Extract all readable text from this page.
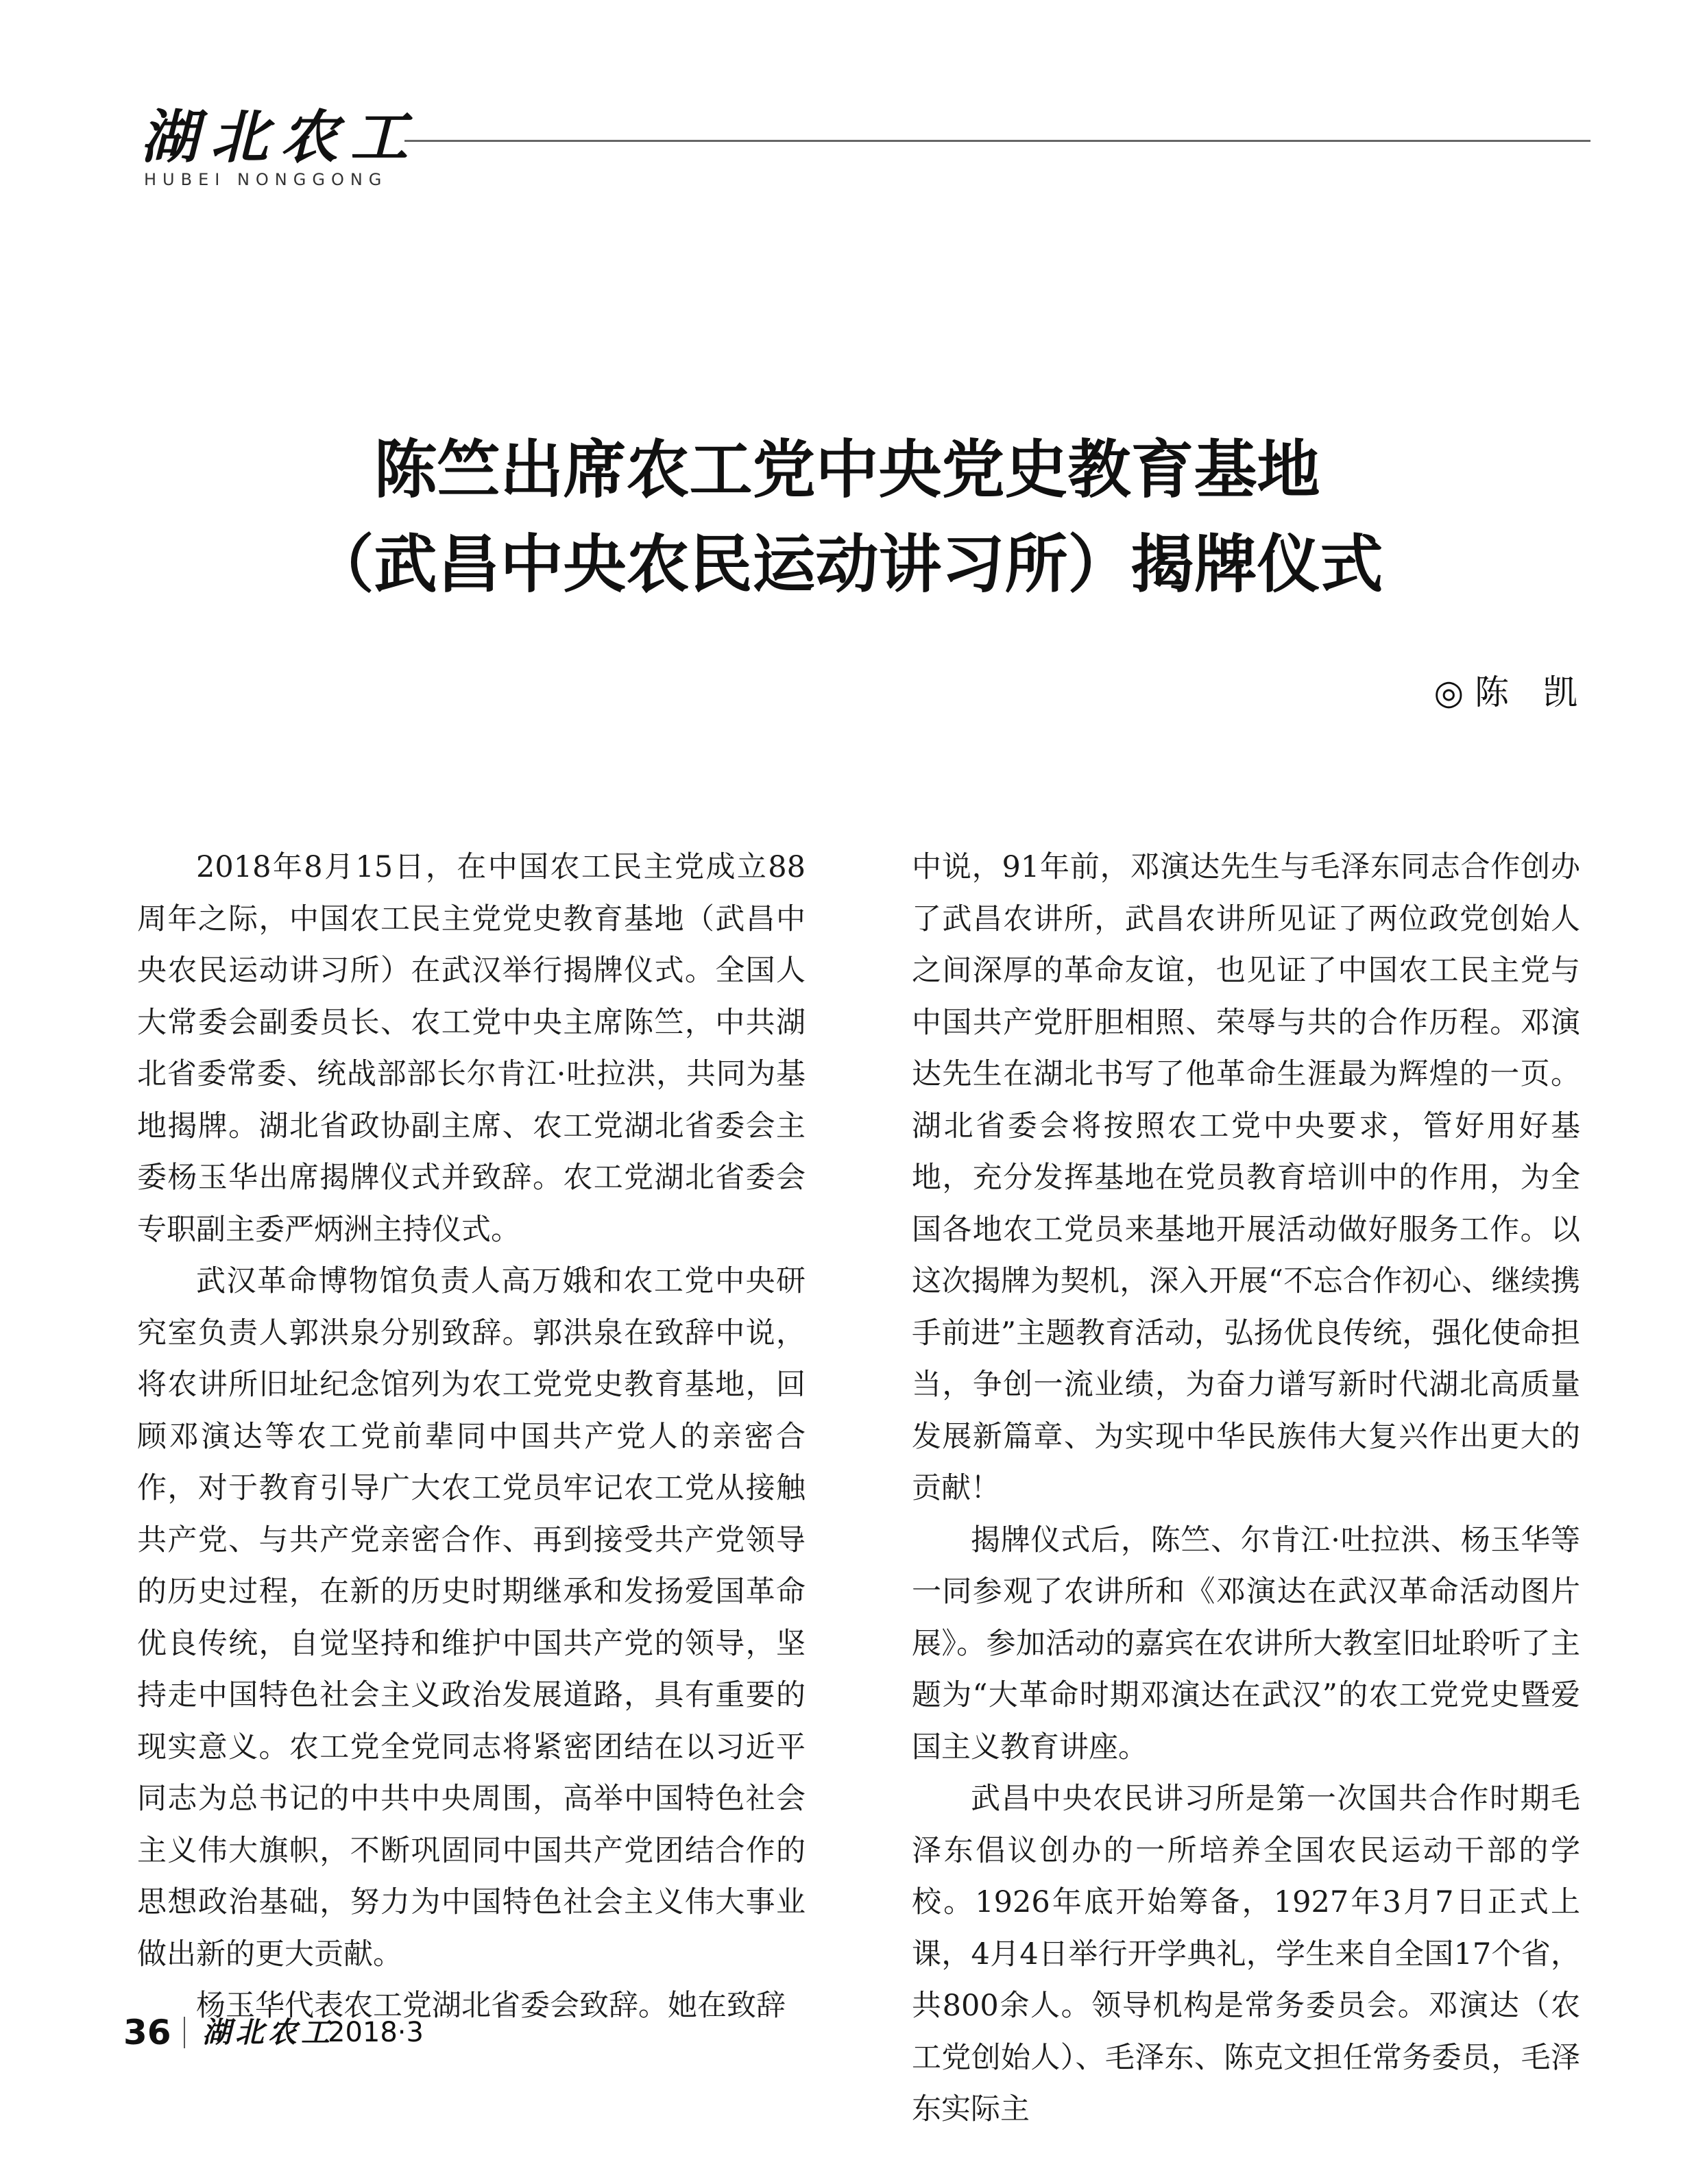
湖北农工
HUBEI NONGGONG
陈竺出席农工党中央党史教育基地
（武昌中央农民运动讲习所）揭牌仪式
◎ 陈　凯

2018年8月15日，在中国农工民主党成立88周年之际，中国农工民主党党史教育基地（武昌中央农民运动讲习所）在武汉举行揭牌仪式。全国人大常委会副委员长、农工党中央主席陈竺，中共湖北省委常委、统战部部长尔肯江·吐拉洪，共同为基地揭牌。湖北省政协副主席、农工党湖北省委会主委杨玉华出席揭牌仪式并致辞。农工党湖北省委会专职副主委严炳洲主持仪式。

武汉革命博物馆负责人高万娥和农工党中央研究室负责人郭洪泉分别致辞。郭洪泉在致辞中说，将农讲所旧址纪念馆列为农工党党史教育基地，回顾邓演达等农工党前辈同中国共产党人的亲密合作，对于教育引导广大农工党员牢记农工党从接触共产党、与共产党亲密合作、再到接受共产党领导的历史过程，在新的历史时期继承和发扬爱国革命优良传统，自觉坚持和维护中国共产党的领导，坚持走中国特色社会主义政治发展道路，具有重要的现实意义。农工党全党同志将紧密团结在以习近平同志为总书记的中共中央周围，高举中国特色社会主义伟大旗帜，不断巩固同中国共产党团结合作的思想政治基础，努力为中国特色社会主义伟大事业做出新的更大贡献。

杨玉华代表农工党湖北省委会致辞。她在致辞

中说，91年前，邓演达先生与毛泽东同志合作创办了武昌农讲所，武昌农讲所见证了两位政党创始人之间深厚的革命友谊，也见证了中国农工民主党与中国共产党肝胆相照、荣辱与共的合作历程。邓演达先生在湖北书写了他革命生涯最为辉煌的一页。湖北省委会将按照农工党中央要求，管好用好基地，充分发挥基地在党员教育培训中的作用，为全国各地农工党员来基地开展活动做好服务工作。以这次揭牌为契机，深入开展“不忘合作初心、继续携手前进”主题教育活动，弘扬优良传统，强化使命担当，争创一流业绩，为奋力谱写新时代湖北高质量发展新篇章、为实现中华民族伟大复兴作出更大的贡献！

揭牌仪式后，陈竺、尔肯江·吐拉洪、杨玉华等一同参观了农讲所和《邓演达在武汉革命活动图片展》。参加活动的嘉宾在农讲所大教室旧址聆听了主题为“大革命时期邓演达在武汉”的农工党党史暨爱国主义教育讲座。

武昌中央农民讲习所是第一次国共合作时期毛泽东倡议创办的一所培养全国农民运动干部的学校。1926年底开始筹备，1927年3月7日正式上课，4月4日举行开学典礼，学生来自全国17个省，共800余人。领导机构是常务委员会。邓演达（农工党创始人）、毛泽东、陈克文担任常务委员，毛泽东实际主

36 湖北农工
2018·3
